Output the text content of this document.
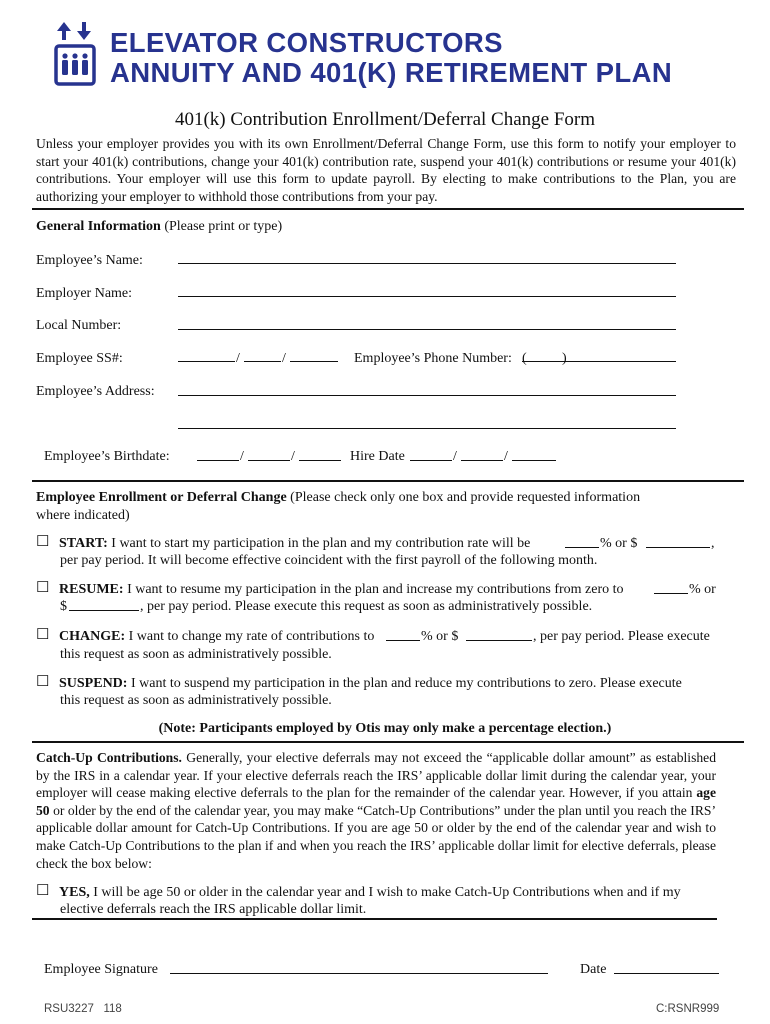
ELEVATOR CONSTRUCTORS
ANNUITY AND 401(K) RETIREMENT PLAN
401(k) Contribution Enrollment/Deferral Change Form
Unless your employer provides you with its own Enrollment/Deferral Change Form, use this form to notify your employer to start your 401(k) contributions, change your 401(k) contribution rate, suspend your 401(k) contributions or resume your 401(k) contributions. Your employer will use this form to update payroll. By electing to make contributions to the Plan, you are authorizing your employer to withhold those contributions from your pay.
General Information (Please print or type)
Employee’s Name:
Employer Name:
Local Number:
Employee SS#:	/	/	Employee’s Phone Number: (	)
Employee’s Address:
Employee’s Birthdate:	/	/	Hire Date	/	/
Employee Enrollment or Deferral Change (Please check only one box and provide requested information
where indicated)
☐ START: I want to start my participation in the plan and my contribution rate will be	% or $	,
per pay period. It will become effective coincident with the first payroll of the following month.
☐ RESUME: I want to resume my participation in the plan and increase my contributions from zero to	% or
$	, per pay period. Please execute this request as soon as administratively possible.
☐ CHANGE: I want to change my rate of contributions to	% or $	, per pay period. Please execute
this request as soon as administratively possible.
☐ SUSPEND: I want to suspend my participation in the plan and reduce my contributions to zero. Please execute
this request as soon as administratively possible.
(Note: Participants employed by Otis may only make a percentage election.)
Catch-Up Contributions. Generally, your elective deferrals may not exceed the “applicable dollar amount” as established by the IRS in a calendar year. If your elective deferrals reach the IRS’ applicable dollar limit during the calendar year, your employer will cease making elective deferrals to the plan for the remainder of the calendar year. However, if you attain age 50 or older by the end of the calendar year, you may make “Catch-Up Contributions” under the plan until you reach the IRS’ applicable dollar amount for Catch-Up Contributions. If you are age 50 or older by the end of the calendar year and wish to make Catch-Up Contributions to the plan if and when you reach the IRS’ applicable dollar limit for elective deferrals, please check the box below:
☐ YES, I will be age 50 or older in the calendar year and I wish to make Catch-Up Contributions when and if my
elective deferrals reach the IRS applicable dollar limit.
Employee Signature	Date
RSU3227   118	C:RSNR999
